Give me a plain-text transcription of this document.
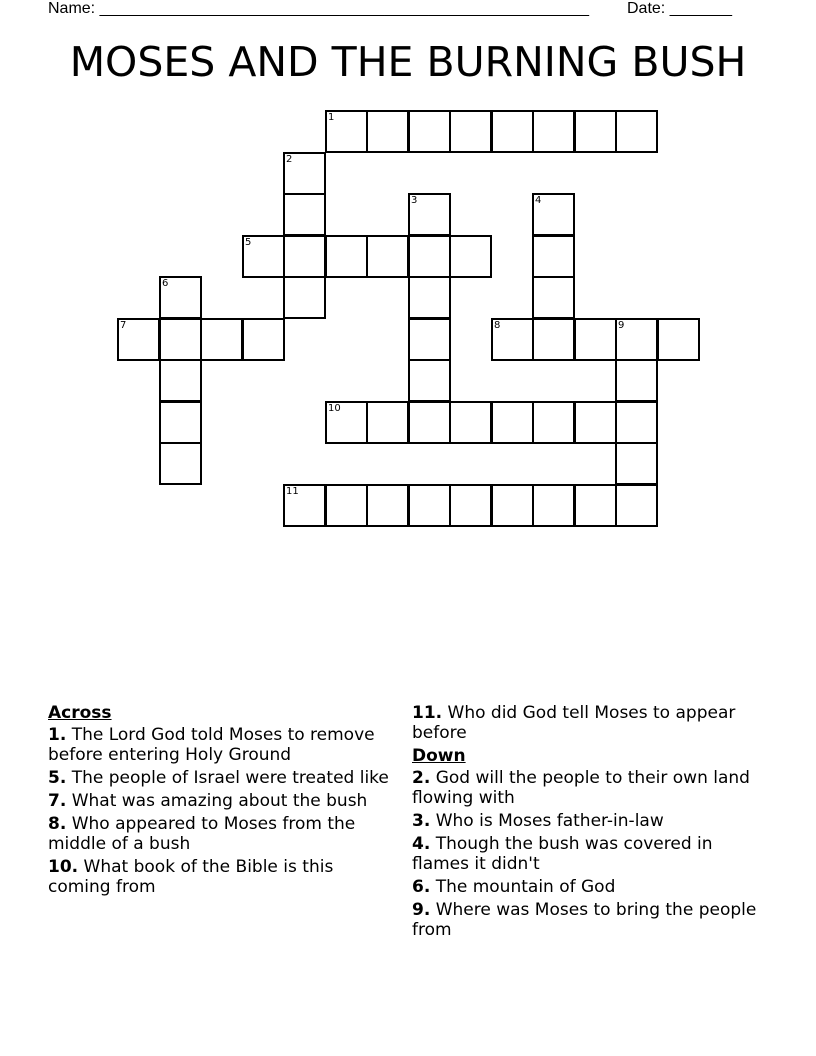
Name: _______________________________________________________ Date: _______
MOSES AND THE BURNING BUSH
1
2
3	4
5
6
7	8	9
10
11
Across
1. The Lord God told Moses to remove before entering Holy Ground
5. The people of Israel were treated like
7. What was amazing about the bush
8. Who appeared to Moses from the middle of a bush
10. What book of the Bible is this coming from
11. Who did God tell Moses to appear before
Down
2. God will the people to their own land flowing with
3. Who is Moses father-in-law
4. Though the bush was covered in flames it didn't
6. The mountain of God
9. Where was Moses to bring the people from
